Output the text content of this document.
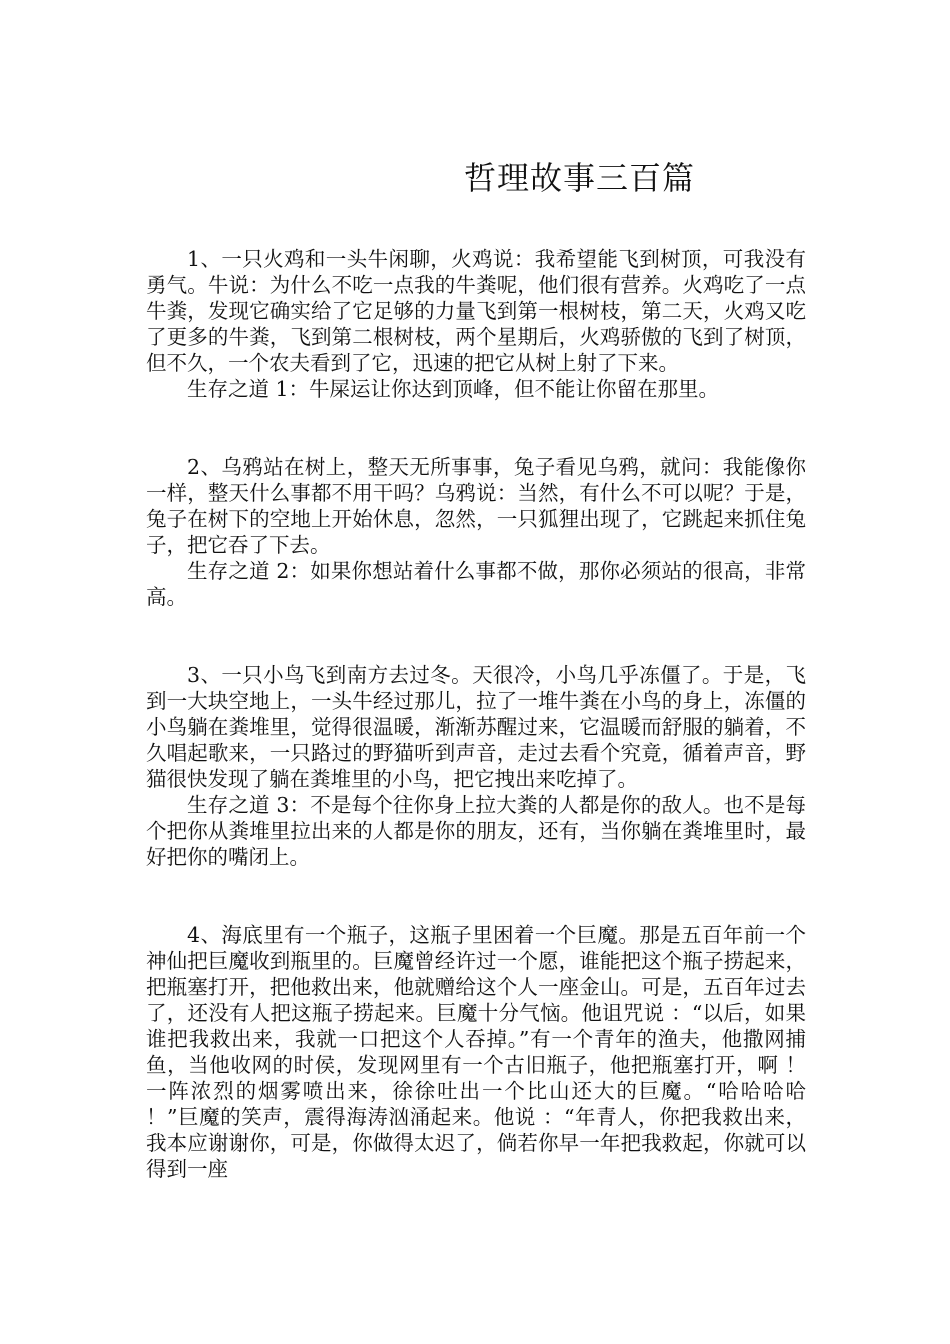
哲理故事三百篇

1、一只火鸡和一头牛闲聊，火鸡说：我希望能飞到树顶，可我没有勇气。牛说：为什么不吃一点我的牛粪呢，他们很有营养。火鸡吃了一点牛粪，发现它确实给了它足够的力量飞到第一根树枝，第二天，火鸡又吃了更多的牛粪，飞到第二根树枝，两个星期后，火鸡骄傲的飞到了树顶，但不久，一个农夫看到了它，迅速的把它从树上射了下来。

生存之道 1：牛屎运让你达到顶峰，但不能让你留在那里。

2、乌鸦站在树上，整天无所事事，兔子看见乌鸦，就问：我能像你一样，整天什么事都不用干吗？乌鸦说：当然，有什么不可以呢？于是，兔子在树下的空地上开始休息，忽然，一只狐狸出现了，它跳起来抓住兔子，把它吞了下去。

生存之道 2：如果你想站着什么事都不做，那你必须站的很高，非常高。

3、一只小鸟飞到南方去过冬。天很冷，小鸟几乎冻僵了。于是，飞到一大块空地上，一头牛经过那儿，拉了一堆牛粪在小鸟的身上，冻僵的小鸟躺在粪堆里，觉得很温暖，渐渐苏醒过来，它温暖而舒服的躺着，不久唱起歌来，一只路过的野猫听到声音，走过去看个究竟，循着声音，野猫很快发现了躺在粪堆里的小鸟，把它拽出来吃掉了。

生存之道 3：不是每个往你身上拉大粪的人都是你的敌人。也不是每个把你从粪堆里拉出来的人都是你的朋友，还有，当你躺在粪堆里时，最好把你的嘴闭上。

4、海底里有一个瓶子，这瓶子里困着一个巨魔。那是五百年前一个神仙把巨魔收到瓶里的。巨魔曾经许过一个愿，谁能把这个瓶子捞起来，把瓶塞打开，把他救出来，他就赠给这个人一座金山。可是，五百年过去了，还没有人把这瓶子捞起来。巨魔十分气恼。他诅咒说 ：“以后，如果谁把我救出来，我就一口把这个人吞掉。”有一个青年的渔夫，他撒网捕鱼，当他收网的时侯，发现网里有一个古旧瓶子，他把瓶塞打开，啊 ！一阵浓烈的烟雾喷出来，徐徐吐出一个比山还大的巨魔。“哈哈哈哈 ！”巨魔的笑声，震得海涛汹涌起来。他说 ：“年青人，你把我救出来，我本应谢谢你，可是，你做得太迟了，倘若你早一年把我救起，你就可以得到一座
